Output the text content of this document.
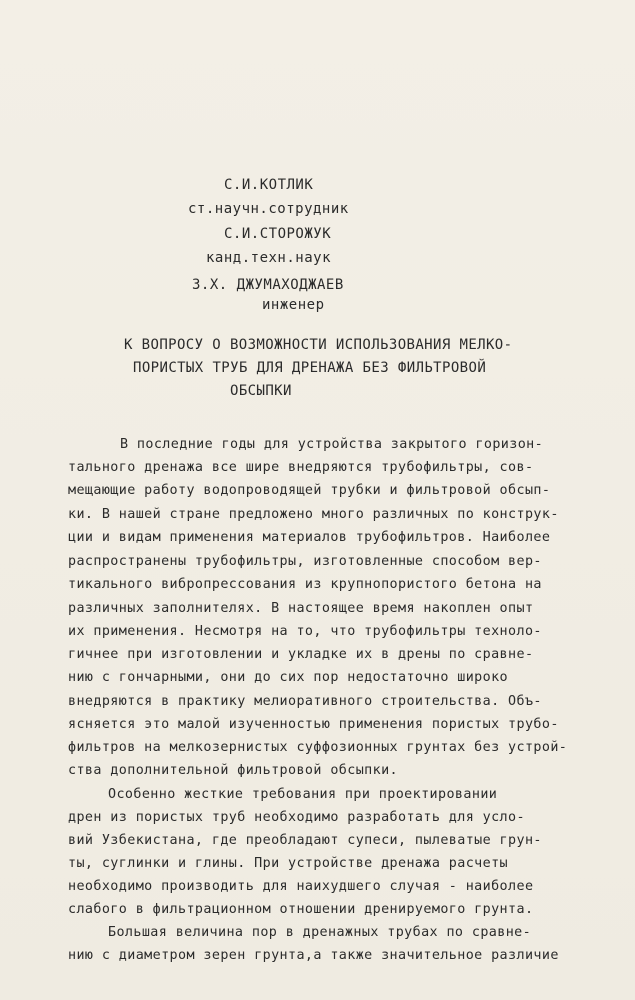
С.И.КОТЛИК
ст.научн.сотрудник
С.И.СТОРОЖУК
канд.техн.наук
З.Х. ДЖУМАХОДЖАЕВ
инженер
К ВОПРОСУ О ВОЗМОЖНОСТИ ИСПОЛЬЗОВАНИЯ МЕЛКО-
ПОРИСТЫХ ТРУБ ДЛЯ ДРЕНАЖА БЕЗ ФИЛЬТРОВОЙ
ОБСЫПКИ
В последние годы для устройства закрытого горизон-
тального дренажа все шире внедряются трубофильтры, сов-
мещающие работу водопроводящей трубки и фильтровой обсып-
ки. В нашей стране предложено много различных по конструк-
ции и видам применения материалов трубофильтров. Наиболее
распространены трубофильтры, изготовленные способом вер-
тикального вибропрессования из крупнопористого бетона на
различных заполнителях. В настоящее время накоплен опыт
их применения. Несмотря на то, что трубофильтры техноло-
гичнее при изготовлении и укладке их в дрены по сравне-
нию с гончарными, они до сих пор недостаточно широко
внедряются в практику мелиоративного строительства. Объ-
ясняется это малой изученностью применения пористых трубо-
фильтров на мелкозернистых суффозионных грунтах без устрой-
ства дополнительной фильтровой обсыпки.
Особенно жесткие требования при проектировании
дрен из пористых труб необходимо разработать для усло-
вий Узбекистана, где преобладают супеси, пылеватые грун-
ты, суглинки и глины. При устройстве дренажа расчеты
необходимо производить для наихудшего случая - наиболее
слабого в фильтрационном отношении дренируемого грунта.
Большая величина пор в дренажных трубах по сравне-
нию с диаметром зерен грунта,а также значительное различие
